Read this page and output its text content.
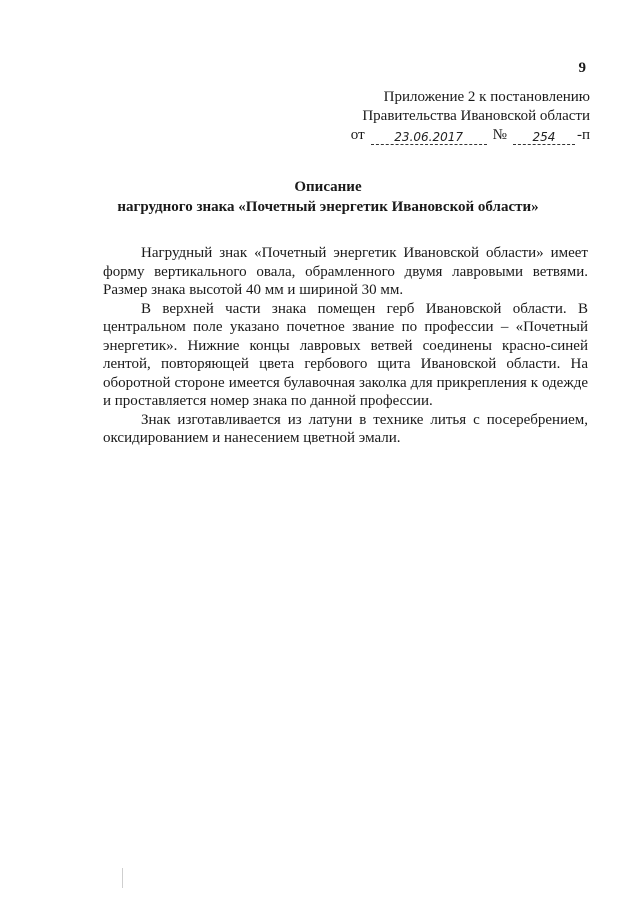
9
Приложение 2 к постановлению
Правительства Ивановской области
от	23.06.2017	№	254	-п
Описание
нагрудного знака «Почетный энергетик Ивановской области»

Нагрудный знак «Почетный энергетик Ивановской области» имеет форму вертикального овала, обрамленного двумя лавровыми ветвями. Размер знака высотой 40 мм и шириной 30 мм.

В верхней части знака помещен герб Ивановской области. В центральном поле указано почетное звание по профессии – «Почетный энергетик». Нижние концы лавровых ветвей соединены красно-синей лентой, повторяющей цвета гербового щита Ивановской области. На оборотной стороне имеется булавочная заколка для прикрепления к одежде и проставляется номер знака по данной профессии.

Знак изготавливается из латуни в технике литья с посеребрением, оксидированием и нанесением цветной эмали.
